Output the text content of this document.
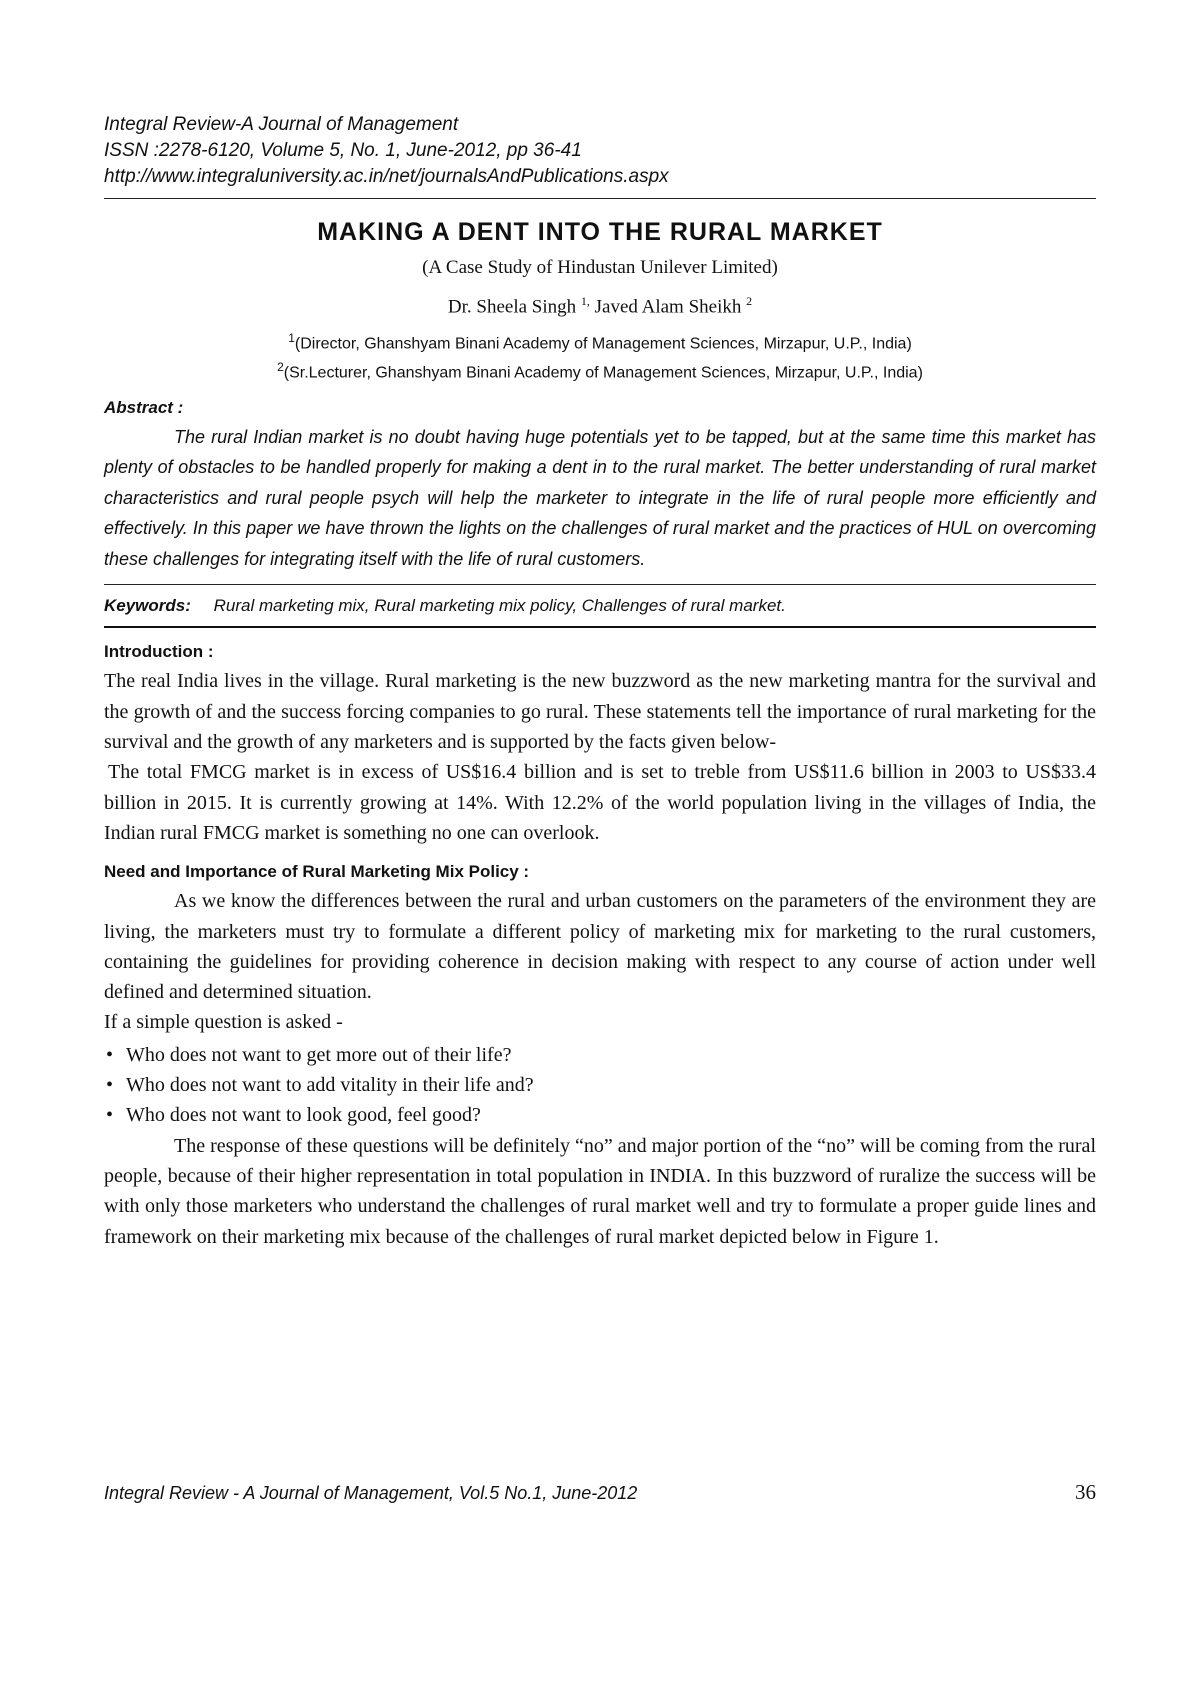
Integral Review-A Journal of Management
ISSN :2278-6120, Volume 5, No. 1, June-2012, pp 36-41
http://www.integraluniversity.ac.in/net/journalsAndPublications.aspx
MAKING A DENT INTO THE RURAL MARKET
(A Case Study of Hindustan Unilever Limited)
Dr. Sheela Singh $^{1,}$ Javed Alam Sheikh $^2$
$^1$(Director, Ghanshyam Binani Academy of Management Sciences, Mirzapur, U.P., India)
$^2$(Sr.Lecturer, Ghanshyam Binani Academy of Management Sciences, Mirzapur, U.P., India)
Abstract :

The rural Indian market is no doubt having huge potentials yet to be tapped, but at the same time this market has plenty of obstacles to be handled properly for making a dent in to the rural market. The better understanding of rural market characteristics and rural people psych will help the marketer to integrate in the life of rural people more efficiently and effectively. In this paper we have thrown the lights on the challenges of rural market and the practices of HUL on overcoming these challenges for integrating itself with the life of rural customers.

Keywords: Rural marketing mix, Rural marketing mix policy, Challenges of rural market.
Introduction :

The real India lives in the village. Rural marketing is the new buzzword as the new marketing mantra for the survival and the growth of and the success forcing companies to go rural. These statements tell the importance of rural marketing for the survival and the growth of any marketers and is supported by the facts given below-

The total FMCG market is in excess of US$16.4 billion and is set to treble from US$11.6 billion in 2003 to US$33.4 billion in 2015. It is currently growing at 14%. With 12.2% of the world population living in the villages of India, the Indian rural FMCG market is something no one can overlook.

Need and Importance of Rural Marketing Mix Policy :

As we know the differences between the rural and urban customers on the parameters of the environment they are living, the marketers must try to formulate a different policy of marketing mix for marketing to the rural customers, containing the guidelines for providing coherence in decision making with respect to any course of action under well defined and determined situation.

If a simple question is asked -

• Who does not want to get more out of their life?
• Who does not want to add vitality in their life and?
• Who does not want to look good, feel good?

The response of these questions will be definitely “no” and major portion of the “no” will be coming from the rural people, because of their higher representation in total population in INDIA. In this buzzword of ruralize the success will be with only those marketers who understand the challenges of rural market well and try to formulate a proper guide lines and framework on their marketing mix because of the challenges of rural market depicted below in Figure 1.

Integral Review - A Journal of Management, Vol.5 No.1, June-2012	36
